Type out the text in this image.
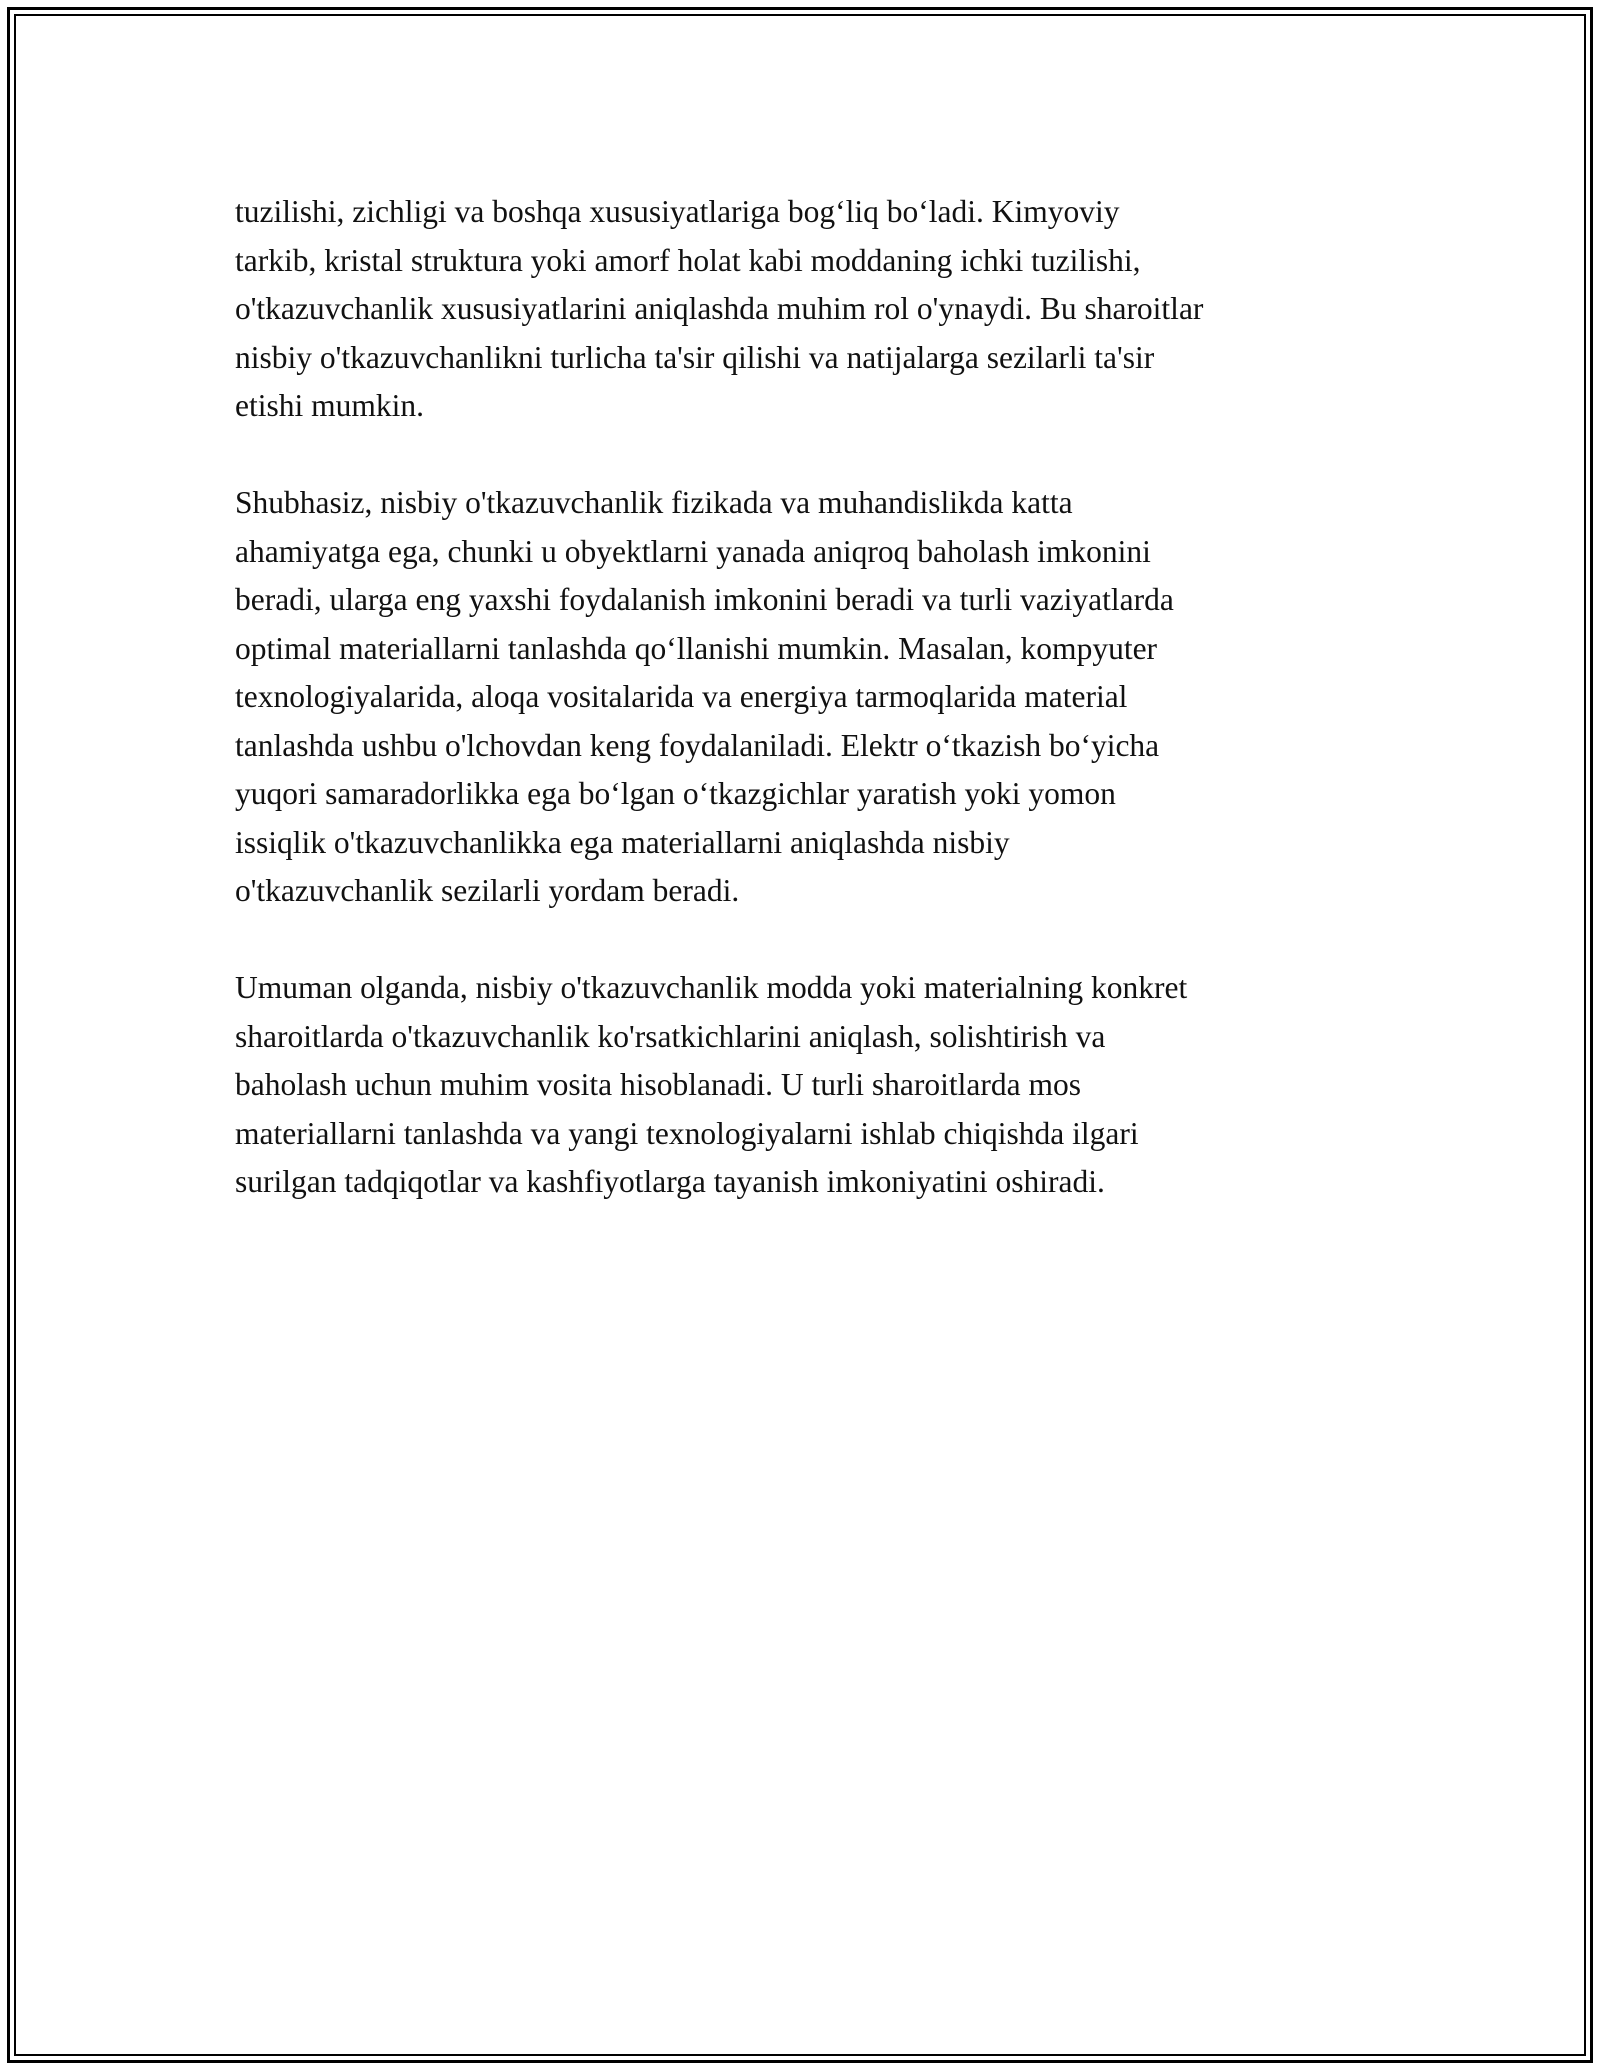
tuzilishi, zichligi va boshqa xususiyatlariga bog‘liq bo‘ladi. Kimyoviy
tarkib, kristal struktura yoki amorf holat kabi moddaning ichki tuzilishi,
o'tkazuvchanlik xususiyatlarini aniqlashda muhim rol o'ynaydi. Bu sharoitlar
nisbiy o'tkazuvchanlikni turlicha ta'sir qilishi va natijalarga sezilarli ta'sir
etishi mumkin.

Shubhasiz, nisbiy o'tkazuvchanlik fizikada va muhandislikda katta
ahamiyatga ega, chunki u obyektlarni yanada aniqroq baholash imkonini
beradi, ularga eng yaxshi foydalanish imkonini beradi va turli vaziyatlarda
optimal materiallarni tanlashda qo‘llanishi mumkin. Masalan, kompyuter
texnologiyalarida, aloqa vositalarida va energiya tarmoqlarida material
tanlashda ushbu o'lchovdan keng foydalaniladi. Elektr o‘tkazish bo‘yicha
yuqori samaradorlikka ega bo‘lgan o‘tkazgichlar yaratish yoki yomon
issiqlik o'tkazuvchanlikka ega materiallarni aniqlashda nisbiy
o'tkazuvchanlik sezilarli yordam beradi.

Umuman olganda, nisbiy o'tkazuvchanlik modda yoki materialning konkret
sharoitlarda o'tkazuvchanlik ko'rsatkichlarini aniqlash, solishtirish va
baholash uchun muhim vosita hisoblanadi. U turli sharoitlarda mos
materiallarni tanlashda va yangi texnologiyalarni ishlab chiqishda ilgari
surilgan tadqiqotlar va kashfiyotlarga tayanish imkoniyatini oshiradi.
